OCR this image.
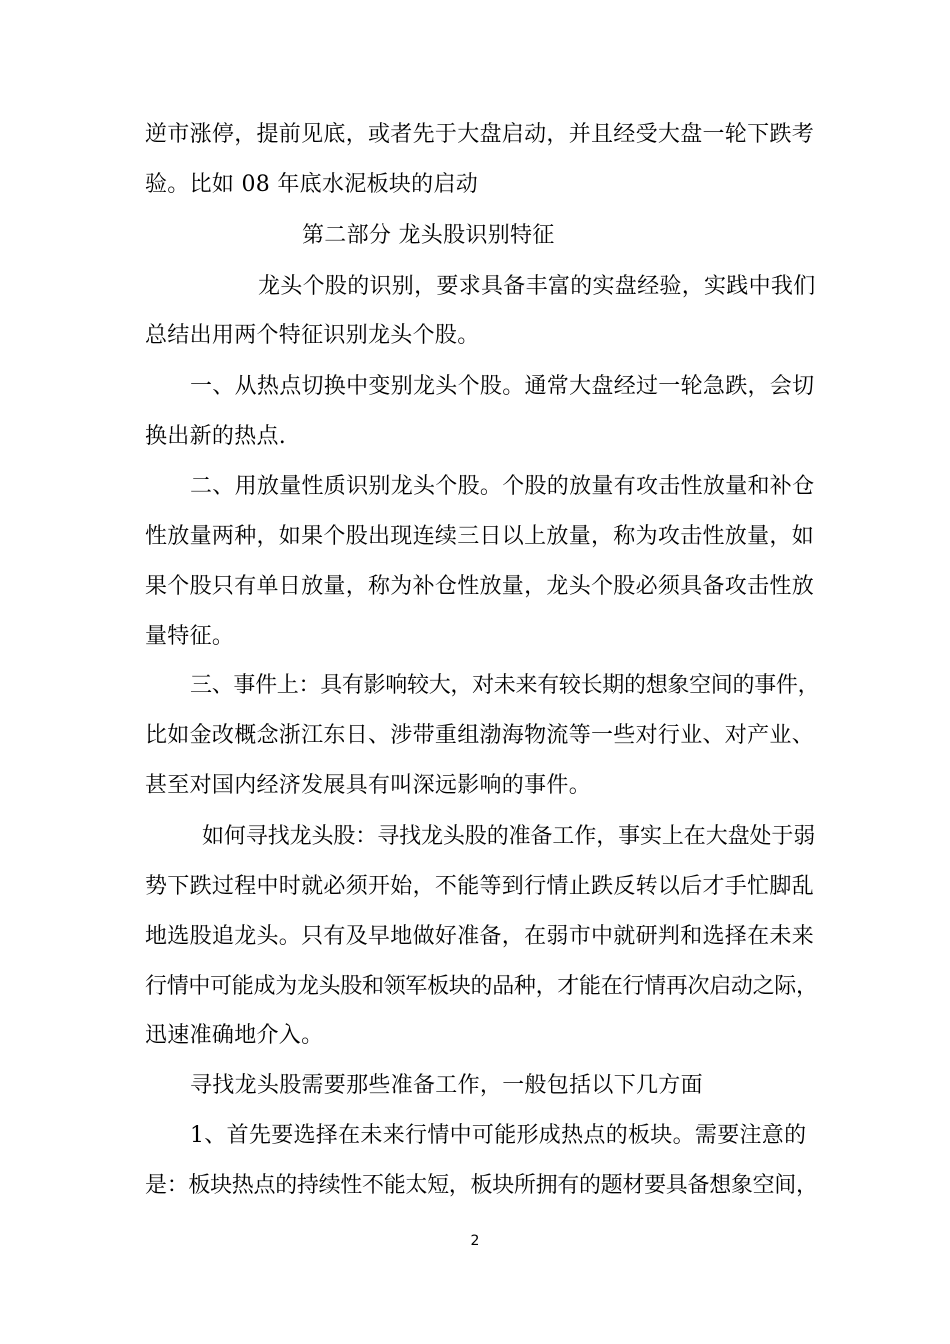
逆市涨停，提前见底，或者先于大盘启动，并且经受大盘一轮下跌考
验。比如 08 年底水泥板块的启动
第二部分 龙头股识别特征
龙头个股的识别，要求具备丰富的实盘经验，实践中我们
总结出用两个特征识别龙头个股。
一、从热点切换中变别龙头个股。通常大盘经过一轮急跌，会切
换出新的热点.
二、用放量性质识别龙头个股。个股的放量有攻击性放量和补仓
性放量两种，如果个股出现连续三日以上放量，称为攻击性放量，如
果个股只有单日放量，称为补仓性放量，龙头个股必须具备攻击性放
量特征。
三、事件上：具有影响较大，对未来有较长期的想象空间的事件，
比如金改概念浙江东日、涉带重组渤海物流等一些对行业、对产业、
甚至对国内经济发展具有叫深远影响的事件。
如何寻找龙头股：寻找龙头股的准备工作，事实上在大盘处于弱
势下跌过程中时就必须开始，不能等到行情止跌反转以后才手忙脚乱
地选股追龙头。只有及早地做好准备，在弱市中就研判和选择在未来
行情中可能成为龙头股和领军板块的品种，才能在行情再次启动之际，
迅速准确地介入。
寻找龙头股需要那些准备工作，一般包括以下几方面
1、首先要选择在未来行情中可能形成热点的板块。需要注意的
是：板块热点的持续性不能太短，板块所拥有的题材要具备想象空间，
2
